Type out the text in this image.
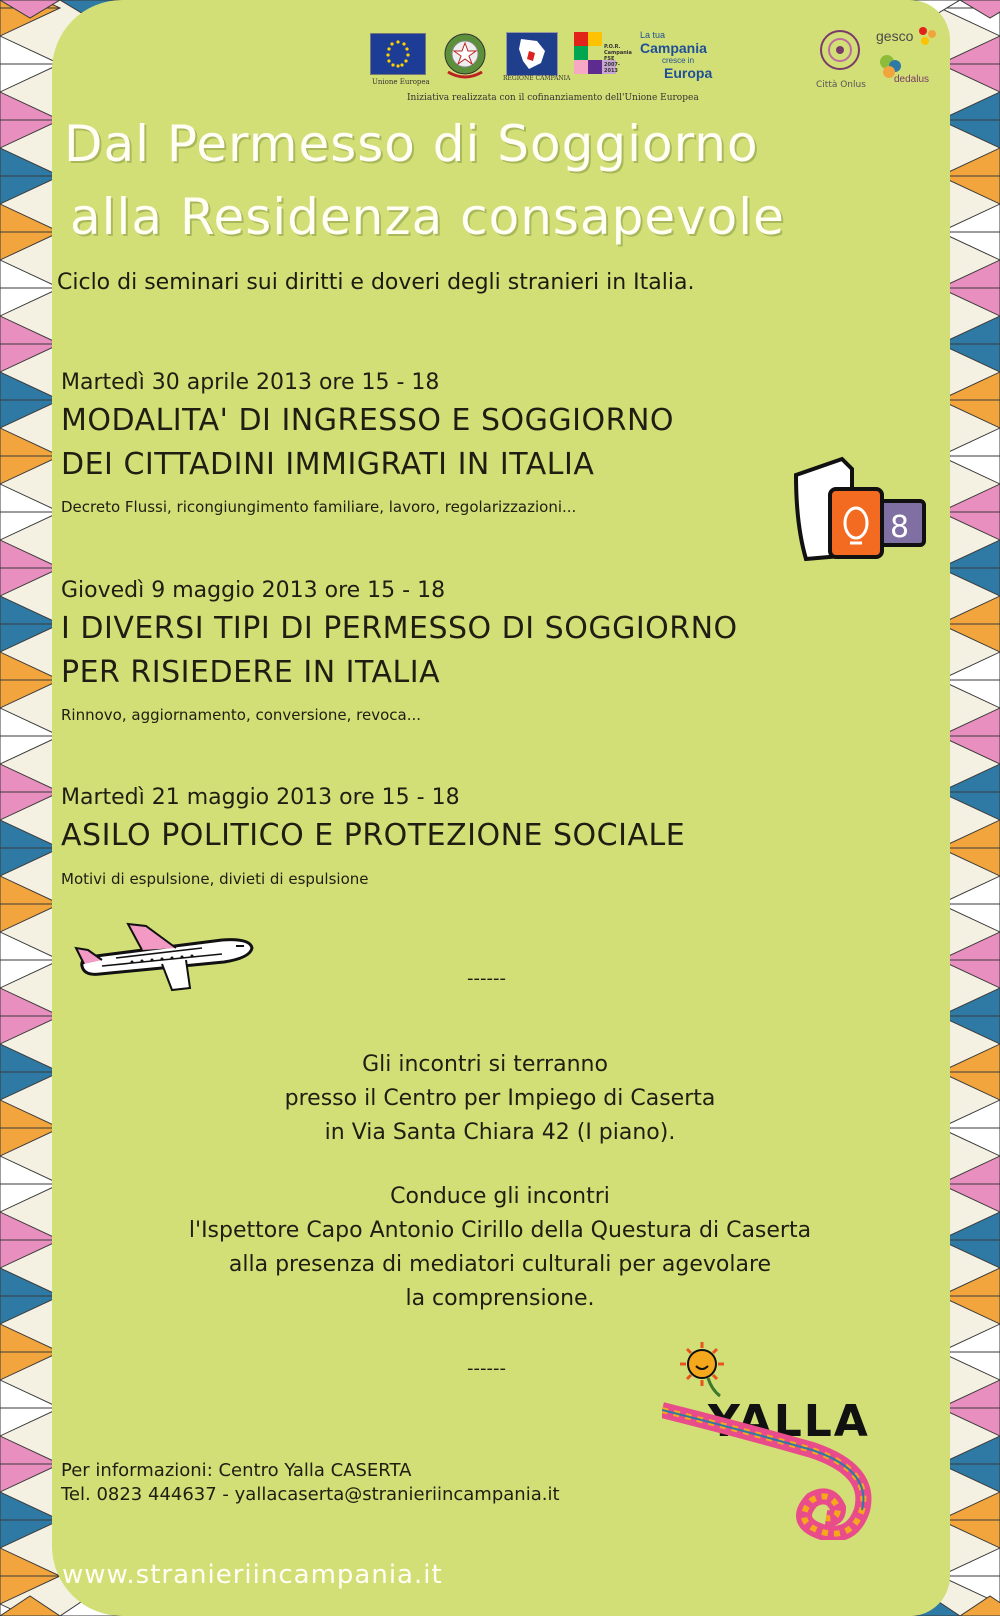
Unione Europea	REGIONE CAMPANIA
P.O.R. Campania FSE 2007-2013
La tua
Campania
cresce in
Europa
Città Onlus
gesco
dedalus
Iniziativa realizzata con il cofinanziamento dell'Unione Europea
Dal Permesso di Soggiorno
alla Residenza consapevole
Ciclo di seminari sui diritti e doveri degli stranieri in Italia.
Martedì 30 aprile 2013 ore 15 - 18
MODALITA' DI INGRESSO E SOGGIORNO
DEI CITTADINI IMMIGRATI IN ITALIA
Decreto Flussi, ricongiungimento familiare, lavoro, regolarizzazioni...
8
Giovedì 9 maggio 2013 ore 15 - 18
I DIVERSI TIPI DI PERMESSO DI SOGGIORNO
PER RISIEDERE IN ITALIA
Rinnovo, aggiornamento, conversione, revoca...
Martedì 21 maggio 2013 ore 15 - 18
ASILO POLITICO E PROTEZIONE SOCIALE
Motivi di espulsione, divieti di espulsione
------
Gli incontri si terranno
presso il Centro per Impiego di Caserta
in Via Santa Chiara 42 (I piano).
Conduce gli incontri
l'Ispettore Capo Antonio Cirillo della Questura di Caserta
alla presenza di mediatori culturali per agevolare
la comprensione.
------
YALLA
Per informazioni: Centro Yalla CASERTA
Tel. 0823 444637 - yallacaserta@stranieriincampania.it
www.stranieriincampania.it
